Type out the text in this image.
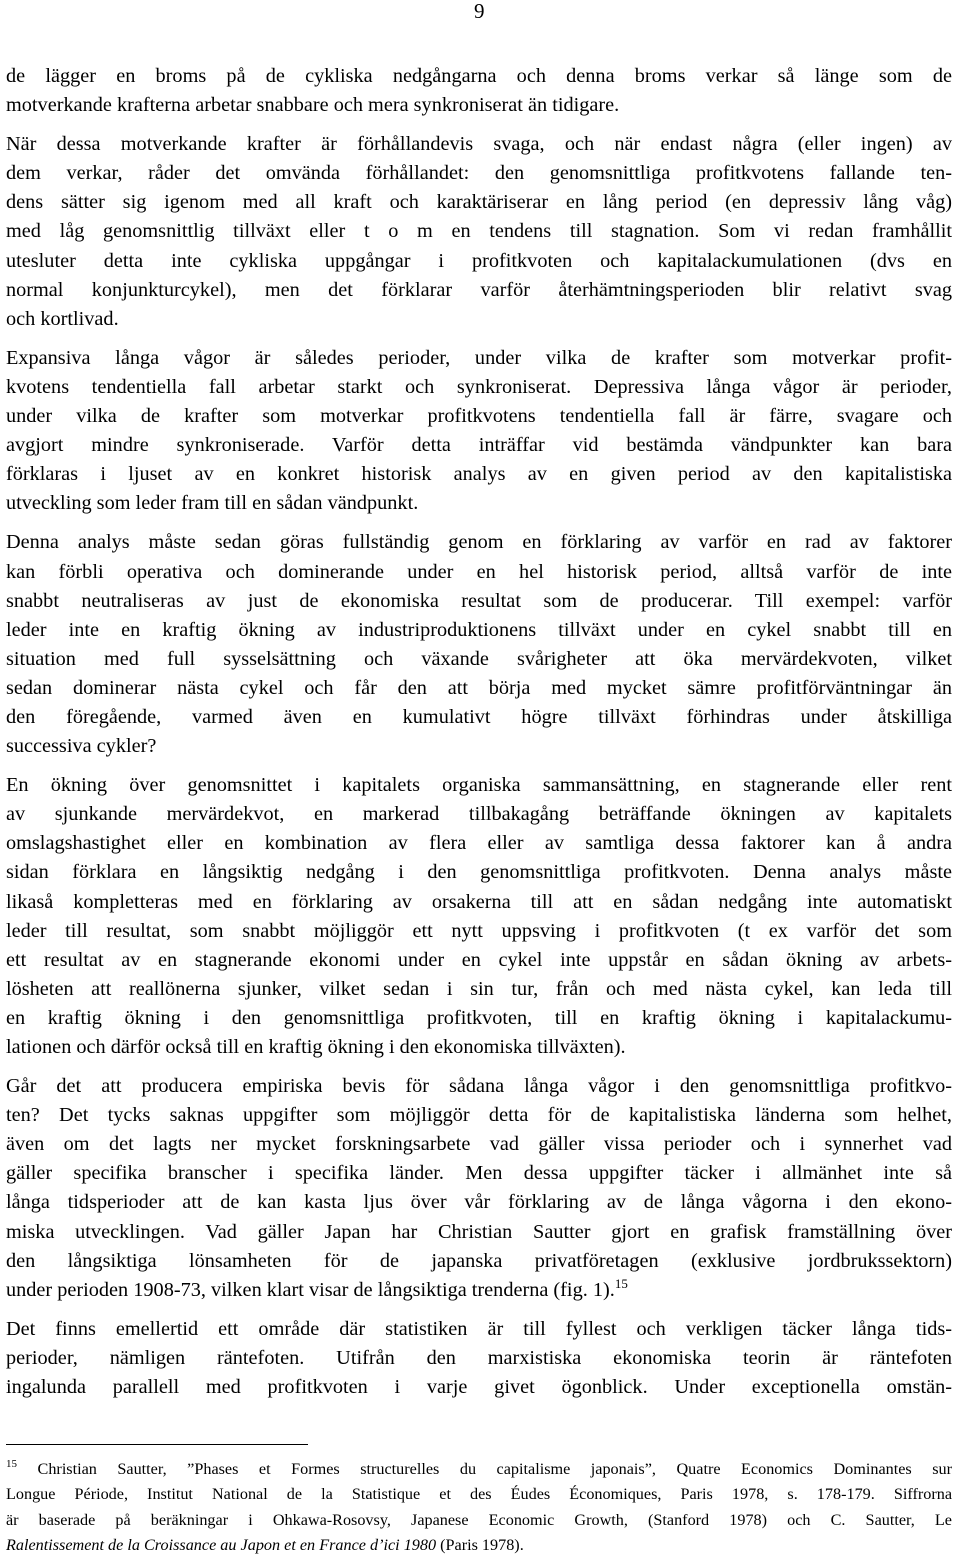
9

de lägger en broms på de cykliska nedgångarna och denna broms verkar så länge som de
motverkande krafterna arbetar snabbare och mera synkroniserat än tidigare.

När dessa motverkande krafter är förhållandevis svaga, och när endast några (eller ingen) av
dem verkar, råder det omvända förhållandet: den genomsnittliga profitkvotens fallande ten-
dens sätter sig igenom med all kraft och karaktäriserar en lång period (en depressiv lång våg)
med låg genomsnittlig tillväxt eller t o m en tendens till stagnation. Som vi redan framhållit
utesluter detta inte cykliska uppgångar i profitkvoten och kapitalackumulationen (dvs en
normal konjunkturcykel), men det förklarar varför återhämtningsperioden blir relativt svag
och kortlivad.

Expansiva långa vågor är således perioder, under vilka de krafter som motverkar profit-
kvotens tendentiella fall arbetar starkt och synkroniserat. Depressiva långa vågor är perioder,
under vilka de krafter som motverkar profitkvotens tendentiella fall är färre, svagare och
avgjort mindre synkroniserade. Varför detta inträffar vid bestämda vändpunkter kan bara
förklaras i ljuset av en konkret historisk analys av en given period av den kapitalistiska
utveckling som leder fram till en sådan vändpunkt.

Denna analys måste sedan göras fullständig genom en förklaring av varför en rad av faktorer
kan förbli operativa och dominerande under en hel historisk period, alltså varför de inte
snabbt neutraliseras av just de ekonomiska resultat som de producerar. Till exempel: varför
leder inte en kraftig ökning av industriproduktionens tillväxt under en cykel snabbt till en
situation med full sysselsättning och växande svårigheter att öka mervärdekvoten, vilket
sedan dominerar nästa cykel och får den att börja med mycket sämre profitförväntningar än
den föregående, varmed även en kumulativt högre tillväxt förhindras under åtskilliga
successiva cykler?

En ökning över genomsnittet i kapitalets organiska sammansättning, en stagnerande eller rent
av sjunkande mervärdekvot, en markerad tillbakagång beträffande ökningen av kapitalets
omslagshastighet eller en kombination av flera eller av samtliga dessa faktorer kan å andra
sidan förklara en långsiktig nedgång i den genomsnittliga profitkvoten. Denna analys måste
likaså kompletteras med en förklaring av orsakerna till att en sådan nedgång inte automatiskt
leder till resultat, som snabbt möjliggör ett nytt uppsving i profitkvoten (t ex varför det som
ett resultat av en stagnerande ekonomi under en cykel inte uppstår en sådan ökning av arbets-
lösheten att reallönerna sjunker, vilket sedan i sin tur, från och med nästa cykel, kan leda till
en kraftig ökning i den genomsnittliga profitkvoten, till en kraftig ökning i kapitalackumu-
lationen och därför också till en kraftig ökning i den ekonomiska tillväxten).

Går det att producera empiriska bevis för sådana långa vågor i den genomsnittliga profitkvo-
ten? Det tycks saknas uppgifter som möjliggör detta för de kapitalistiska länderna som helhet,
även om det lagts ner mycket forskningsarbete vad gäller vissa perioder och i synnerhet vad
gäller specifika branscher i specifika länder. Men dessa uppgifter täcker i allmänhet inte så
långa tidsperioder att de kan kasta ljus över vår förklaring av de långa vågorna i den ekono-
miska utvecklingen. Vad gäller Japan har Christian Sautter gjort en grafisk framställning över
den långsiktiga lönsamheten för de japanska privatföretagen (exklusive jordbrukssektorn)
under perioden 1908-73, vilken klart visar de långsiktiga trenderna (fig. 1).$^{15}$

Det finns emellertid ett område där statistiken är till fyllest och verkligen täcker långa tids-
perioder, nämligen räntefoten. Utifrån den marxistiska ekonomiska teorin är räntefoten
ingalunda parallell med profitkvoten i varje givet ögonblick. Under exceptionella omstän-

$^{15}$ Christian Sautter, ”Phases et Formes structurelles du capitalisme japonais”, Quatre Economics Dominantes sur
Longue Période, Institut National de la Statistique et des Éudes Économiques, Paris 1978, s. 178-179. Siffrorna
är baserade på beräkningar i Ohkawa-Rosovsy, Japanese Economic Growth, (Stanford 1978) och C. Sautter, Le
Ralentissement de la Croissance au Japon et en France d’ici 1980 (Paris 1978).
